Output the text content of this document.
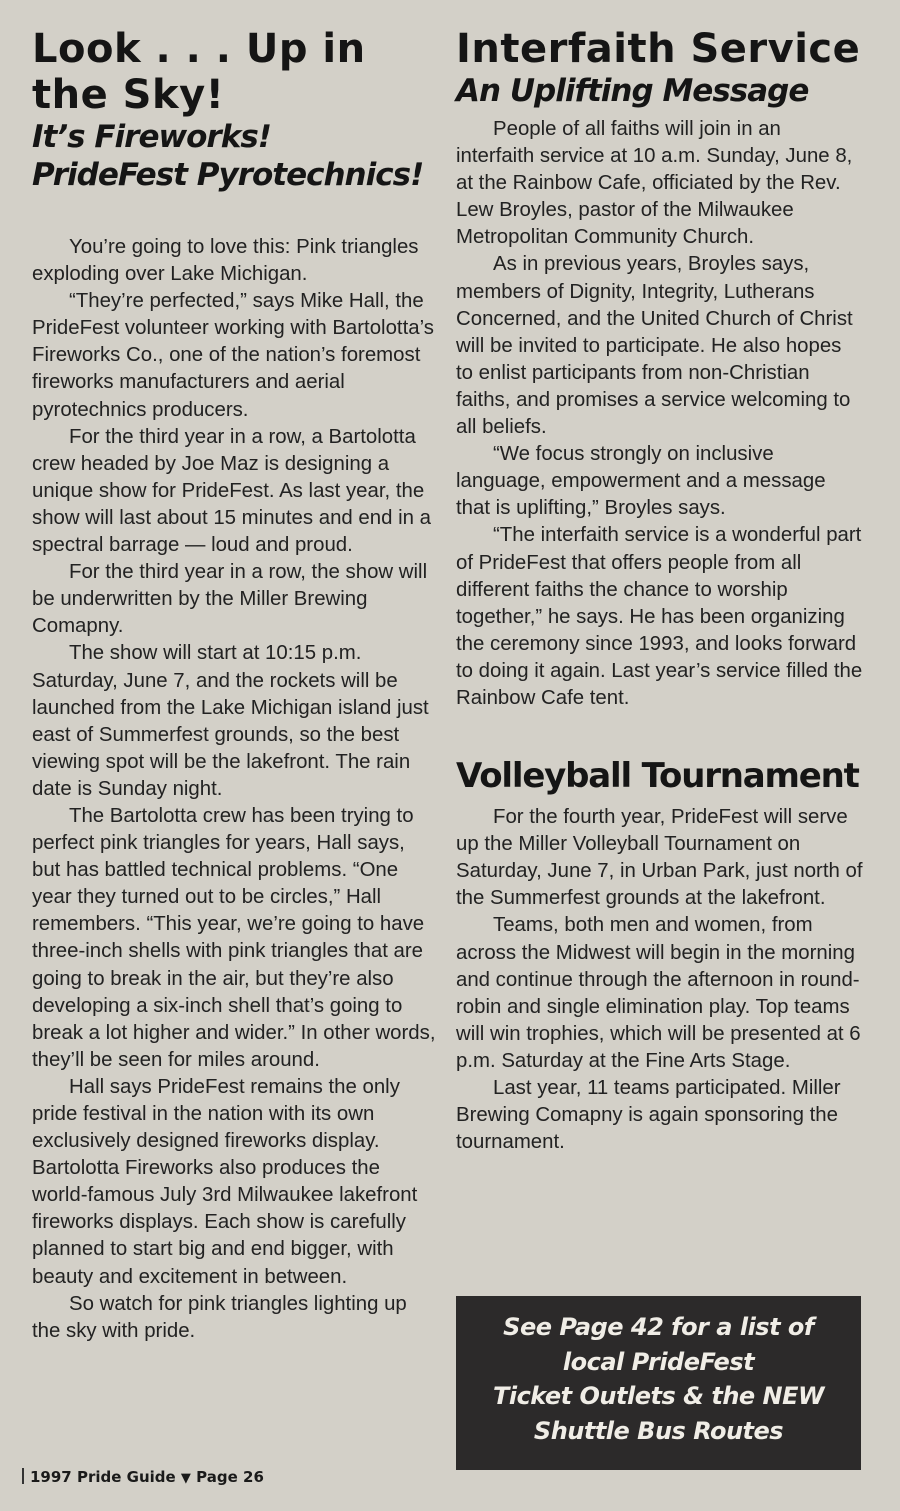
Look . . . Up in
the Sky!
It’s Fireworks!
PrideFest Pyrotechnics!

You’re going to love this: Pink triangles exploding over Lake Michigan.

“They’re perfected,” says Mike Hall, the PrideFest volunteer working with Bartolotta’s Fireworks Co., one of the nation’s foremost fireworks manufacturers and aerial pyrotechnics producers.

For the third year in a row, a Bartolotta crew headed by Joe Maz is designing a unique show for PrideFest. As last year, the show will last about 15 minutes and end in a spectral barrage — loud and proud.

For the third year in a row, the show will be underwritten by the Miller Brewing Comapny.

The show will start at 10:15 p.m. Saturday, June 7, and the rockets will be launched from the Lake Michigan island just east of Summerfest grounds, so the best viewing spot will be the lakefront. The rain date is Sunday night.

The Bartolotta crew has been trying to perfect pink triangles for years, Hall says, but has battled technical problems. “One year they turned out to be circles,” Hall remembers. “This year, we’re going to have three-inch shells with pink triangles that are going to break in the air, but they’re also developing a six-inch shell that’s going to break a lot higher and wider.” In other words, they’ll be seen for miles around.

Hall says PrideFest remains the only pride festival in the nation with its own exclusively designed fireworks display. Bartolotta Fireworks also produces the world-famous July 3rd Milwaukee lakefront fireworks displays. Each show is carefully planned to start big and end bigger, with beauty and excitement in between.

So watch for pink triangles lighting up the sky with pride.

Interfaith Service
An Uplifting Message

People of all faiths will join in an interfaith service at 10 a.m. Sunday, June 8, at the Rainbow Cafe, officiated by the Rev. Lew Broyles, pastor of the Milwaukee Metropolitan Community Church.

As in previous years, Broyles says, members of Dignity, Integrity, Lutherans Concerned, and the United Church of Christ will be invited to participate. He also hopes to enlist participants from non-Christian faiths, and promises a service welcoming to all beliefs.

“We focus strongly on inclusive language, empowerment and a message that is uplifting,” Broyles says.

“The interfaith service is a wonderful part of PrideFest that offers people from all different faiths the chance to worship together,” he says. He has been organizing the ceremony since 1993, and looks forward to doing it again. Last year’s service filled the Rainbow Cafe tent.

Volleyball Tournament

For the fourth year, PrideFest will serve up the Miller Volleyball Tournament on Saturday, June 7, in Urban Park, just north of the Summerfest grounds at the lakefront.

Teams, both men and women, from across the Midwest will begin in the morning and continue through the afternoon in round-robin and single elimination play. Top teams will win trophies, which will be presented at 6 p.m. Saturday at the Fine Arts Stage.

Last year, 11 teams participated. Miller Brewing Comapny is again sponsoring the tournament.

See Page 42 for a list of
local PrideFest
Ticket Outlets & the NEW
Shuttle Bus Routes
1997 Pride Guide ▼ Page 26
